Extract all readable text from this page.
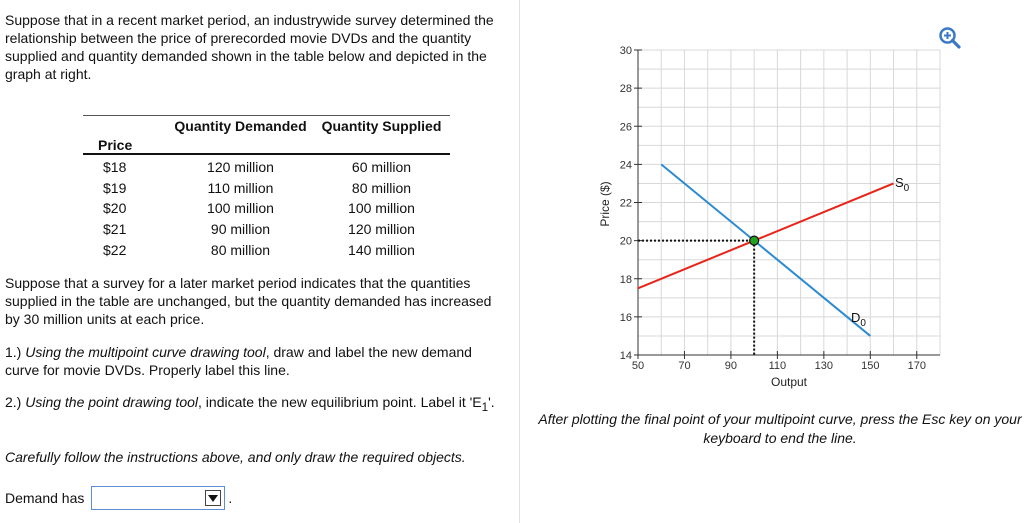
Suppose that in a recent market period, an industrywide survey determined the relationship between the price of prerecorded movie DVDs and the quantity supplied and quantity demanded shown in the table below and depicted in the graph at right.
	Quantity Demanded	Quantity Supplied
Price		
$18	120 million	60 million
$19	110 million	80 million
$20	100 million	100 million
$21	90 million	120 million
$22	80 million	140 million
Suppose that a survey for a later market period indicates that the quantities supplied in the table are unchanged, but the quantity demanded has increased by 30 million units at each price.
1.) Using the multipoint curve drawing tool, draw and label the new demand curve for movie DVDs. Properly label this line.
2.) Using the point drawing tool, indicate the new equilibrium point. Label it '$E_1$'.
Carefully follow the instructions above, and only draw the required objects.
Demand has	.
14
16
18
20
22
24
26
28
30
50	70	90	110	130	150	170
Price ($)
Output
$S_0$
$D_0$
After plotting the final point of your multipoint curve, press the Esc key on your keyboard to end the line.
